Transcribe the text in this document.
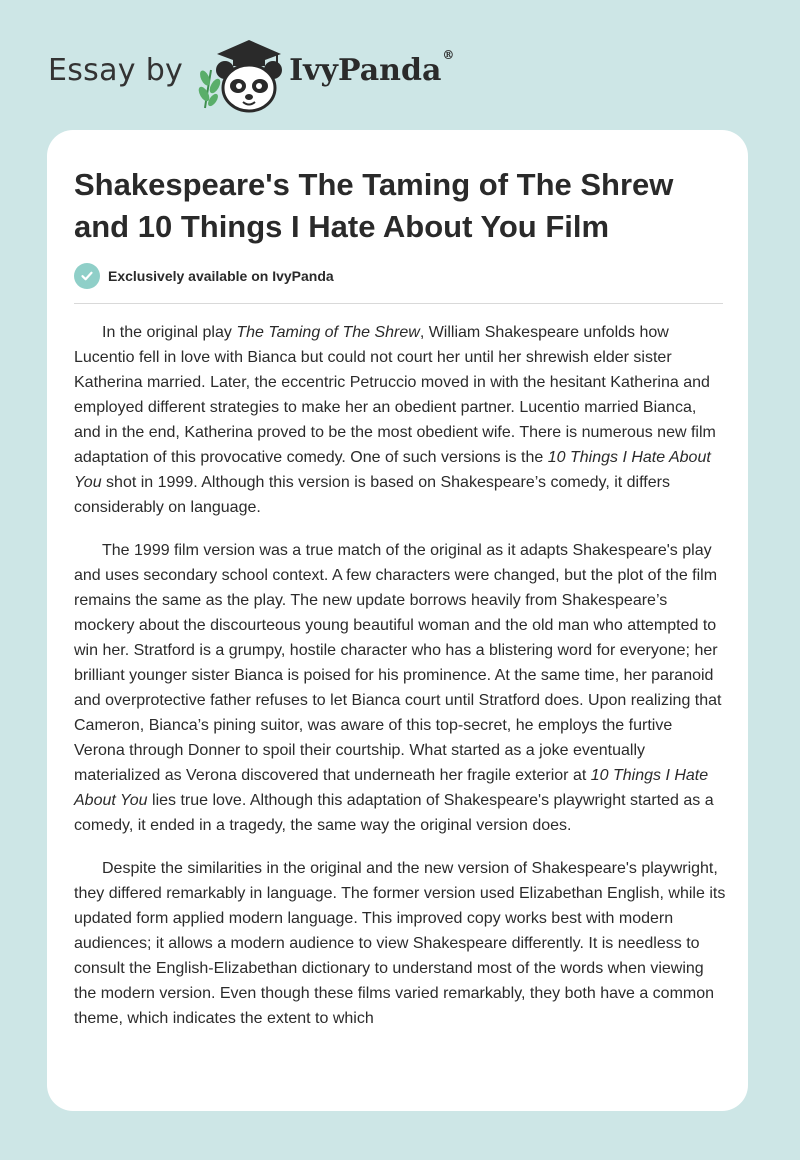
Essay by	IvyPanda®
Shakespeare's The Taming of The Shrew and 10 Things I Hate About You Film
Exclusively available on IvyPanda

In the original play The Taming of The Shrew, William Shakespeare unfolds how Lucentio fell in love with Bianca but could not court her until her shrewish elder sister Katherina married. Later, the eccentric Petruccio moved in with the hesitant Katherina and employed different strategies to make her an obedient partner. Lucentio married Bianca, and in the end, Katherina proved to be the most obedient wife. There is numerous new film adaptation of this provocative comedy. One of such versions is the 10 Things I Hate About You shot in 1999. Although this version is based on Shakespeare’s comedy, it differs considerably on language.

The 1999 film version was a true match of the original as it adapts Shakespeare's play and uses secondary school context. A few characters were changed, but the plot of the film remains the same as the play. The new update borrows heavily from Shakespeare’s mockery about the discourteous young beautiful woman and the old man who attempted to win her. Stratford is a grumpy, hostile character who has a blistering word for everyone; her brilliant younger sister Bianca is poised for his prominence. At the same time, her paranoid and overprotective father refuses to let Bianca court until Stratford does. Upon realizing that Cameron, Bianca’s pining suitor, was aware of this top-secret, he employs the furtive Verona through Donner to spoil their courtship. What started as a joke eventually materialized as Verona discovered that underneath her fragile exterior at 10 Things I Hate About You lies true love. Although this adaptation of Shakespeare's playwright started as a comedy, it ended in a tragedy, the same way the original version does.

Despite the similarities in the original and the new version of Shakespeare's playwright, they differed remarkably in language. The former version used Elizabethan English, while its updated form applied modern language. This improved copy works best with modern audiences; it allows a modern audience to view Shakespeare differently. It is needless to consult the English-Elizabethan dictionary to understand most of the words when viewing the modern version. Even though these films varied remarkably, they both have a common theme, which indicates the extent to which
